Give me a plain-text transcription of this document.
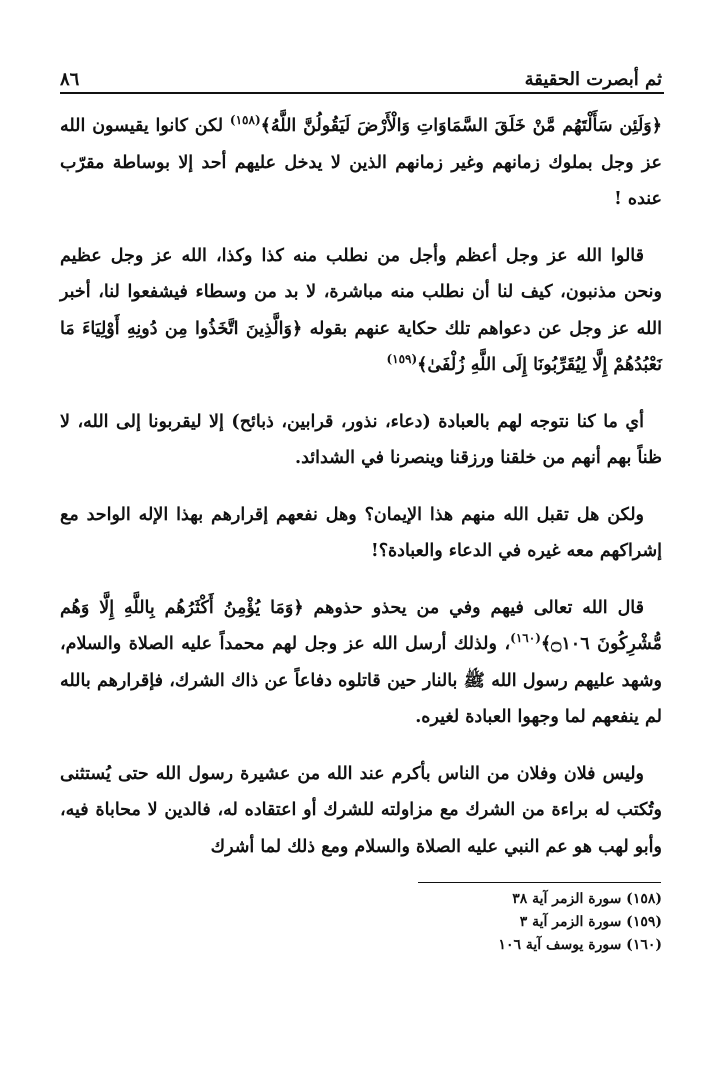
ثم أبصرت الحقيقة
٨٦

﴿وَلَئِن سَأَلْتَهُم مَّنْ خَلَقَ السَّمَاوَاتِ وَالْأَرْضَ لَيَقُولُنَّ اللَّهُ﴾$^{(١٥٨)}$ لكن كانوا يقيسون الله عز وجل بملوك زمانهم وغير زمانهم الذين لا يدخل عليهم أحد إلا بوساطة مقرّب عنده !

قالوا الله عز وجل أعظم وأجل من نطلب منه كذا وكذا، الله عز وجل عظيم ونحن مذنبون، كيف لنا أن نطلب منه مباشرة، لا بد من وسطاء فيشفعوا لنا، أخبر الله عز وجل عن دعواهم تلك حكاية عنهم بقوله ﴿وَالَّذِينَ اتَّخَذُوا مِن دُونِهِ أَوْلِيَاءَ مَا نَعْبُدُهُمْ إِلَّا لِيُقَرِّبُونَا إِلَى اللَّهِ زُلْفَىٰ﴾$^{(١٥٩)}$

أي ما كنا نتوجه لهم بالعبادة (دعاء، نذور، قرابين، ذبائح) إلا ليقربونا إلى الله، لا ظناً بهم أنهم من خلقنا ورزقنا وينصرنا في الشدائد.

ولكن هل تقبل الله منهم هذا الإيمان؟ وهل نفعهم إقرارهم بهذا الإله الواحد مع إشراكهم معه غيره في الدعاء والعبادة؟!

قال الله تعالى فيهم وفي من يحذو حذوهم ﴿وَمَا يُؤْمِنُ أَكْثَرُهُم بِاللَّهِ إِلَّا وَهُم مُّشْرِكُونَ ۝١٠٦﴾$^{(١٦٠)}$، ولذلك أرسل الله عز وجل لهم محمداً عليه الصلاة والسلام، وشهد عليهم رسول الله ﷺ بالنار حين قاتلوه دفاعاً عن ذاك الشرك، فإقرارهم بالله لم ينفعهم لما وجهوا العبادة لغيره.

وليس فلان وفلان من الناس بأكرم عند الله من عشيرة رسول الله حتى يُستثنى وتُكتب له براءة من الشرك مع مزاولته للشرك أو اعتقاده له، فالدين لا محاباة فيه، وأبو لهب هو عم النبي عليه الصلاة والسلام ومع ذلك لما أشرك

(١٥٨) سورة الزمر آية ٣٨
(١٥٩) سورة الزمر آية ٣
(١٦٠) سورة يوسف آية ١٠٦
